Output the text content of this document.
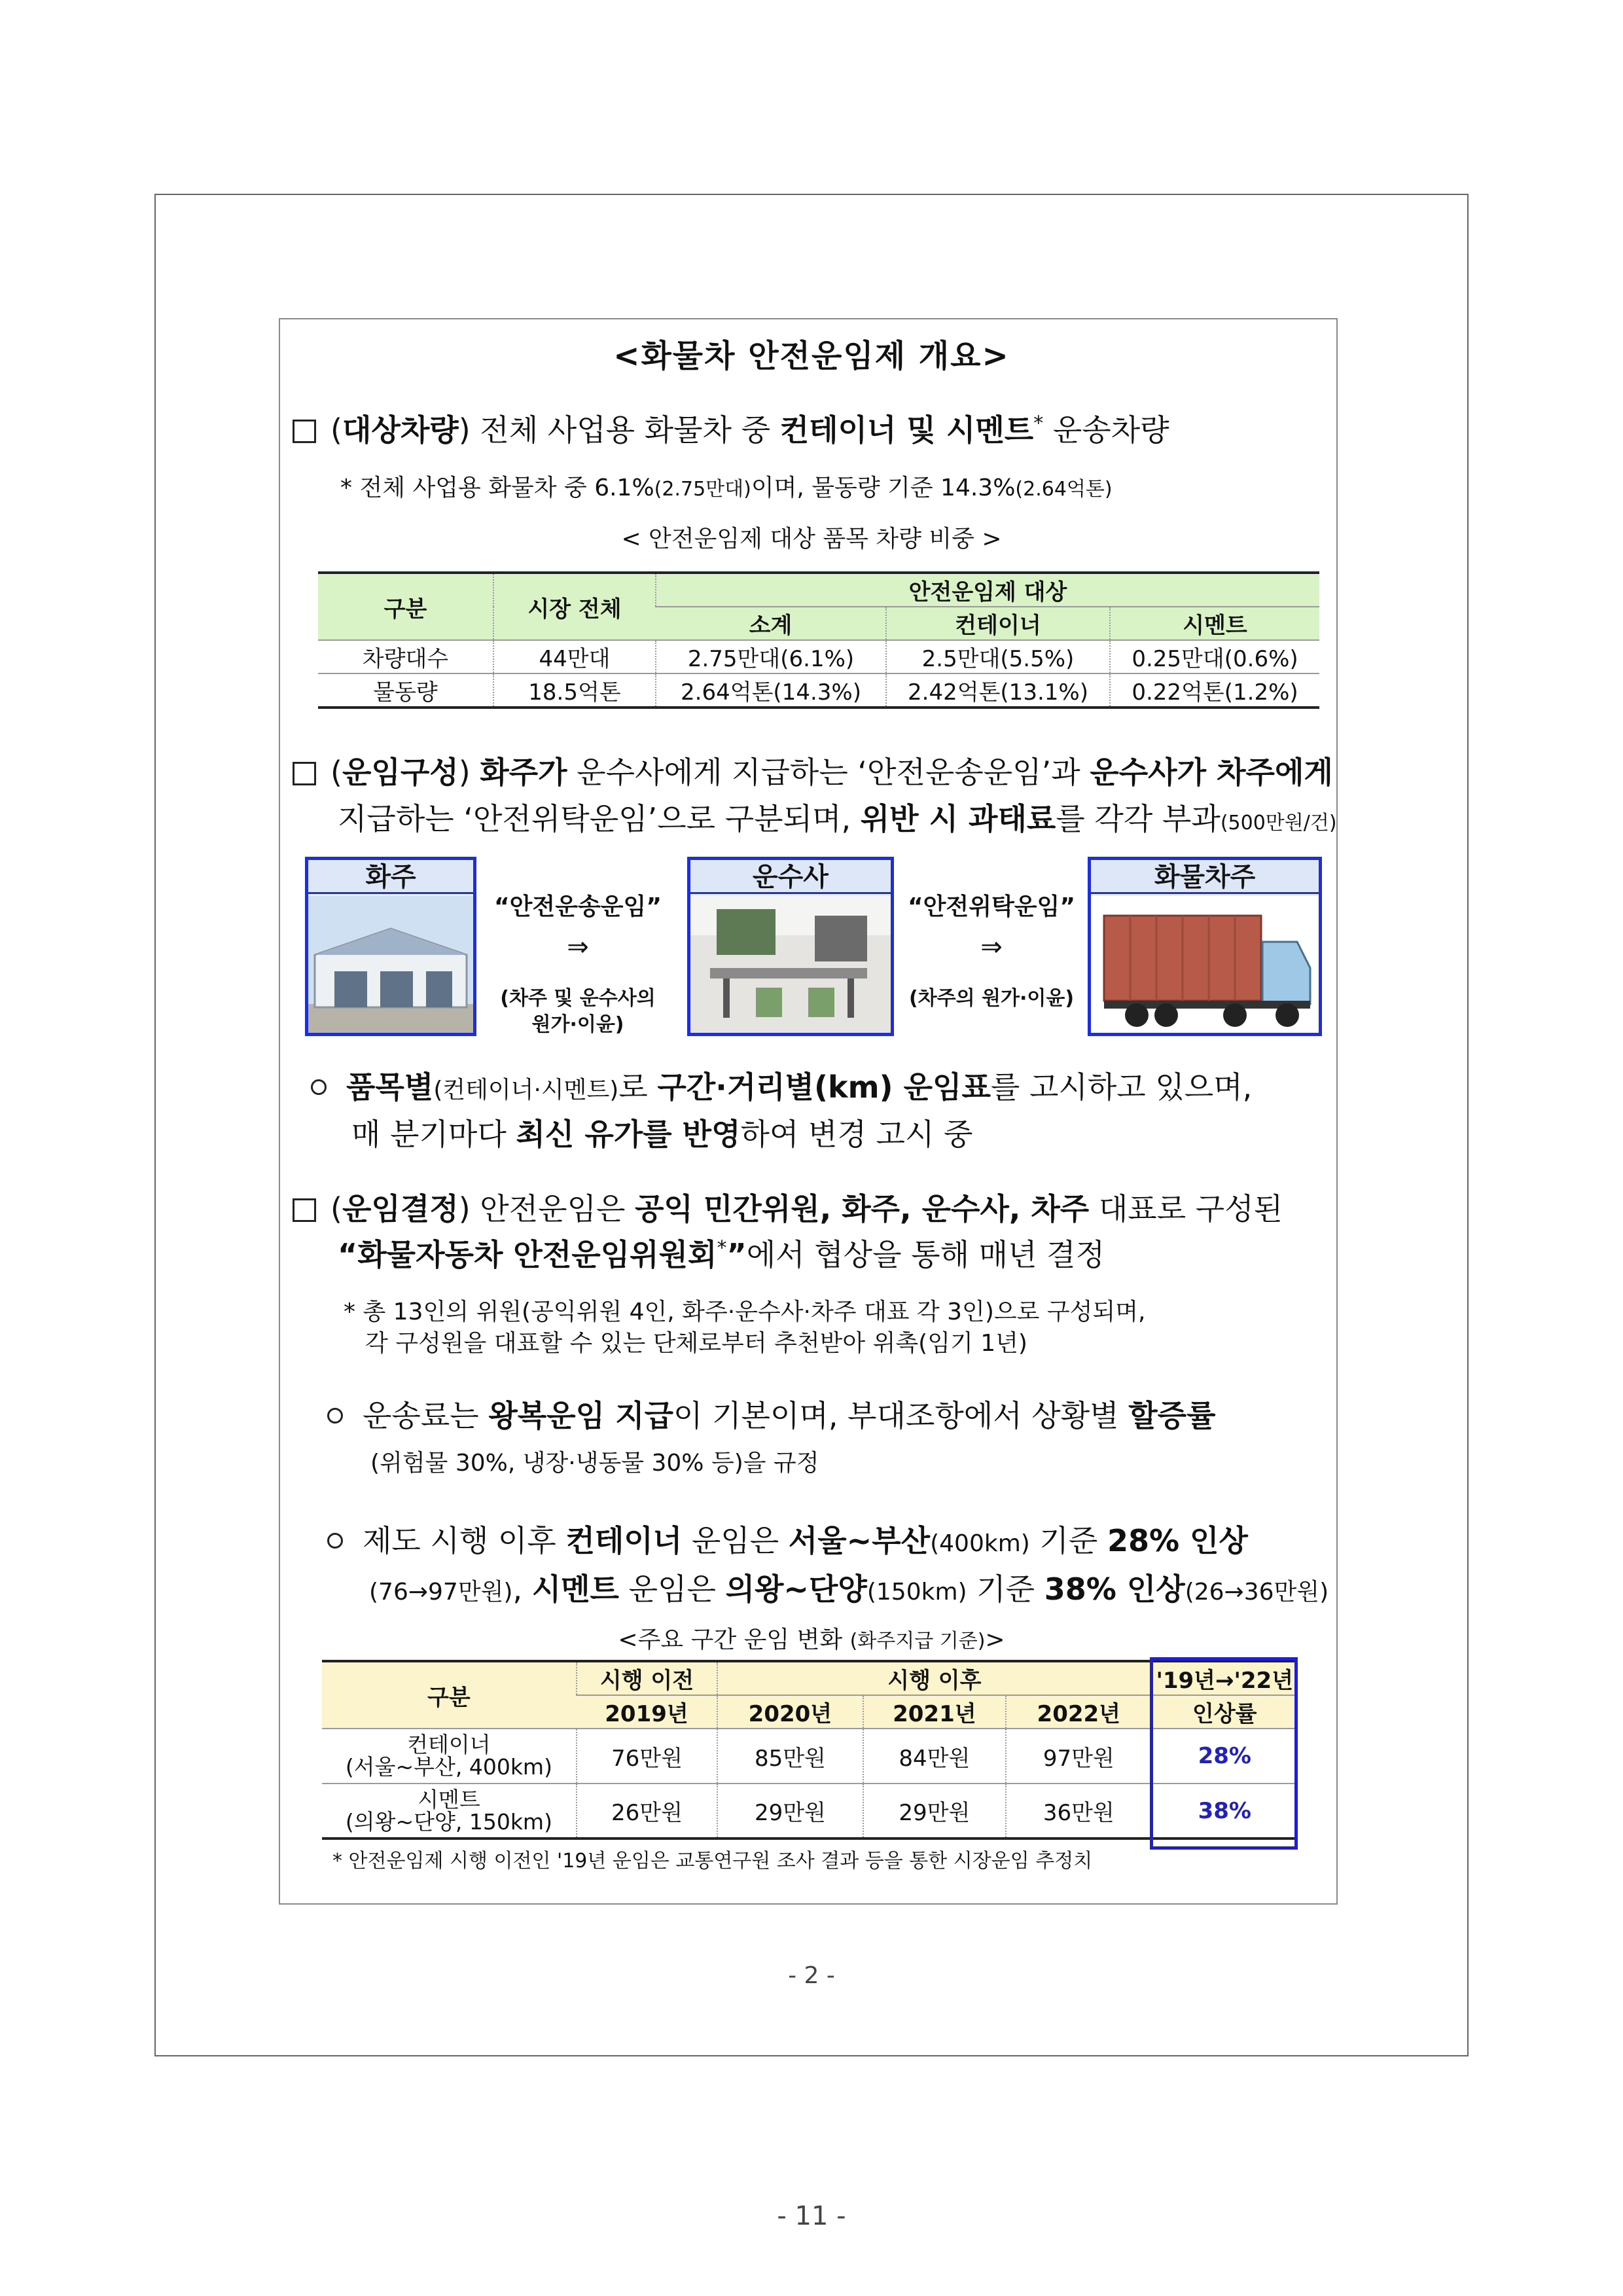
<화물차 안전운임제 개요>
(대상차량) 전체 사업용 화물차 중 컨테이너 및 시멘트* 운송차량
* 전체 사업용 화물차 중 6.1%(2.75만대)이며, 물동량 기준 14.3%(2.64억톤)
< 안전운임제 대상 품목 차량 비중 >
구분	시장 전체	안전운임제 대상		
		소계	컨테이너	시멘트
차량대수	44만대	2.75만대(6.1%)	2.5만대(5.5%)	0.25만대(0.6%)
물동량	18.5억톤	2.64억톤(14.3%)	2.42억톤(13.1%)	0.22억톤(1.2%)
(운임구성) 화주가 운수사에게 지급하는 ‘안전운송운임’과 운수사가 차주에게
지급하는 ‘안전위탁운임’으로 구분되며, 위반 시 과태료를 각각 부과(500만원/건)
화주
“안전운송운임”
⇒
(차주 및 운수사의
원가·이윤)
운수사
“안전위탁운임”
⇒
(차주의 원가·이윤)
화물차주
품목별(컨테이너·시멘트)로 구간·거리별(km) 운임표를 고시하고 있으며,
매 분기마다 최신 유가를 반영하여 변경 고시 중
(운임결정) 안전운임은 공익 민간위원, 화주, 운수사, 차주 대표로 구성된
“화물자동차 안전운임위원회*”에서 협상을 통해 매년 결정
* 총 13인의 위원(공익위원 4인, 화주·운수사·차주 대표 각 3인)으로 구성되며,
각 구성원을 대표할 수 있는 단체로부터 추천받아 위촉(임기 1년)
운송료는 왕복운임 지급이 기본이며, 부대조항에서 상황별 할증률
(위험물 30%, 냉장·냉동물 30% 등)을 규정
제도 시행 이후 컨테이너 운임은 서울~부산(400km) 기준 28% 인상
(76→97만원), 시멘트 운임은 의왕~단양(150km) 기준 38% 인상(26→36만원)
<주요 구간 운임 변화 (화주지급 기준)>
구분	시행 이전	시행 이후			'19년→'22년
	2019년	2020년	2021년	2022년	인상률

컨테이너
(서울~부산, 400km)	76만원	85만원	84만원	97만원	28%

시멘트
(의왕~단양, 150km)	26만원	29만원	29만원	36만원	38%
* 안전운임제 시행 이전인 '19년 운임은 교통연구원 조사 결과 등을 통한 시장운임 추정치
- 2 -
- 11 -
